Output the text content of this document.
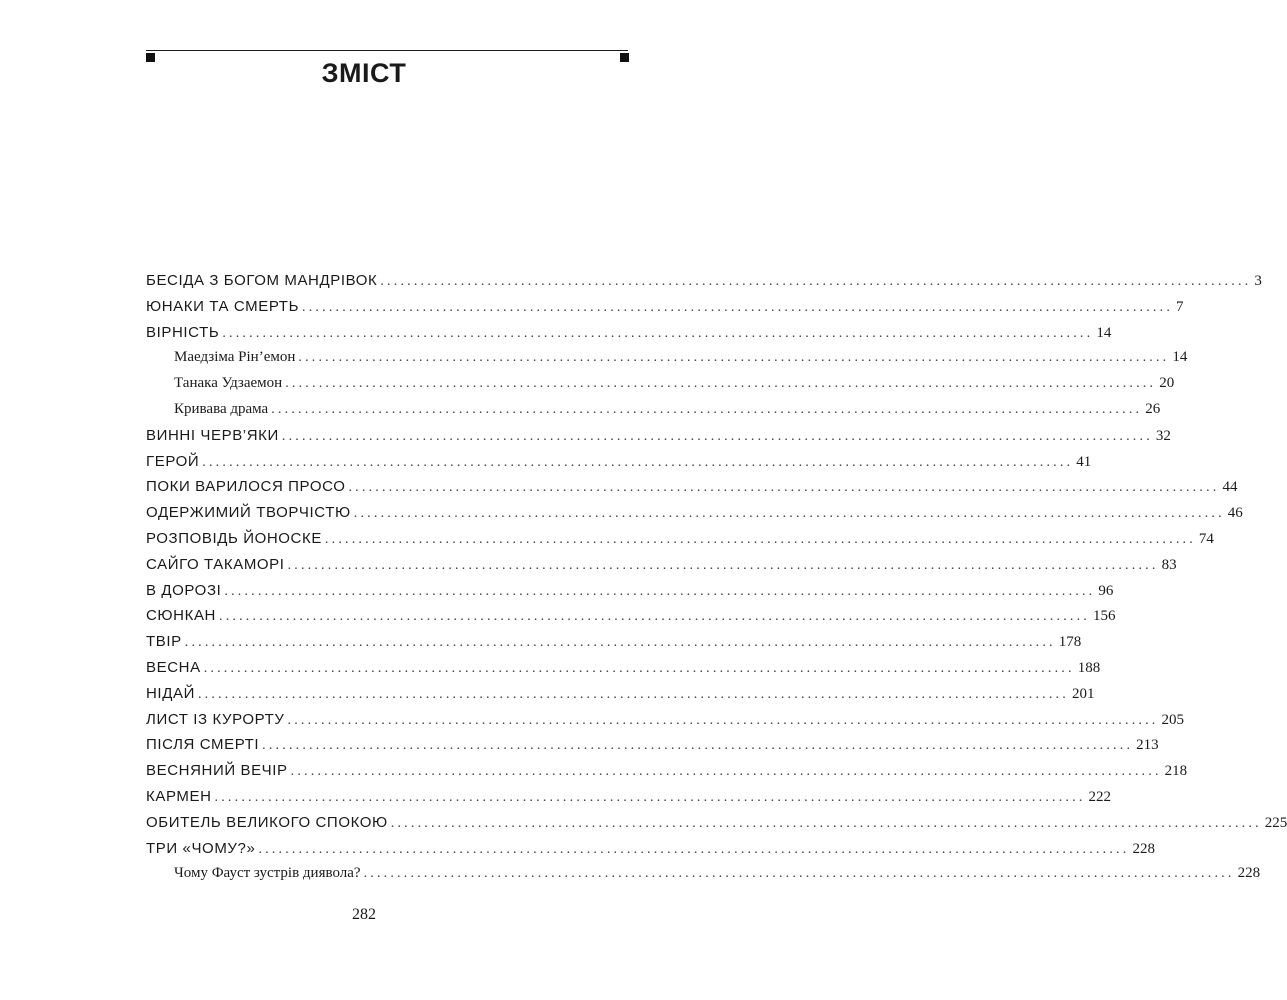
ЗМІСТ
БЕСІДА З БОГОМ МАНДРІВОК .................................................................................................................................. 3
ЮНАКИ ТА СМЕРТЬ .................................................................................................................................. 7
ВІРНІСТЬ .................................................................................................................................. 14
Маедзіма Рін’емон .................................................................................................................................. 14
Танака Удзаемон .................................................................................................................................. 20
Кривава драма .................................................................................................................................. 26
ВИННІ ЧЕРВ’ЯКИ .................................................................................................................................. 32
ГЕРОЙ .................................................................................................................................. 41
ПОКИ ВАРИЛОСЯ ПРОСО .................................................................................................................................. 44
ОДЕРЖИМИЙ ТВОРЧІСТЮ .................................................................................................................................. 46
РОЗПОВІДЬ ЙОНОСКЕ .................................................................................................................................. 74
САЙГО ТАКАМОРІ .................................................................................................................................. 83
В ДОРОЗІ .................................................................................................................................. 96
СЮНКАН .................................................................................................................................. 156
ТВІР .................................................................................................................................. 178
ВЕСНА .................................................................................................................................. 188
НІДАЙ .................................................................................................................................. 201
ЛИСТ ІЗ КУРОРТУ .................................................................................................................................. 205
ПІСЛЯ СМЕРТІ .................................................................................................................................. 213
ВЕСНЯНИЙ ВЕЧІР .................................................................................................................................. 218
КАРМЕН .................................................................................................................................. 222
ОБИТЕЛЬ ВЕЛИКОГО СПОКОЮ .................................................................................................................................. 225
ТРИ «ЧОМУ?» .................................................................................................................................. 228
Чому Фауст зустрів диявола? .................................................................................................................................. 228
282
